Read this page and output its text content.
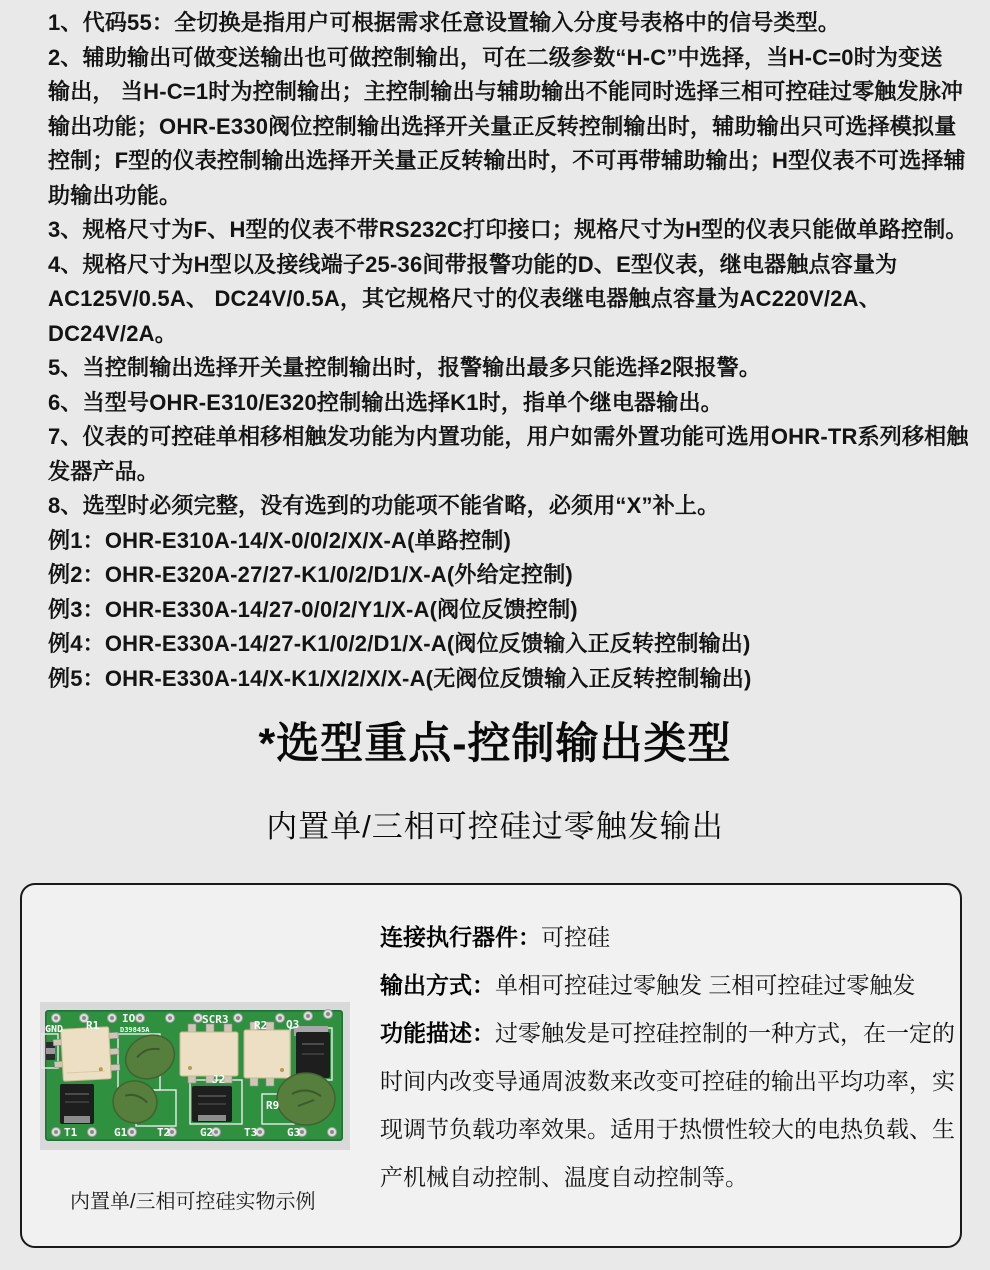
1、代码55：全切换是指用户可根据需求任意设置输入分度号表格中的信号类型。
2、辅助输出可做变送输出也可做控制输出，可在二级参数“H-C”中选择，当H-C=0时为变送
输出， 当H-C=1时为控制输出；主控制输出与辅助输出不能同时选择三相可控硅过零触发脉冲
输出功能；OHR-E330阀位控制输出选择开关量正反转控制输出时，辅助输出只可选择模拟量
控制；F型的仪表控制输出选择开关量正反转输出时，不可再带辅助输出；H型仪表不可选择辅
助输出功能。
3、规格尺寸为F、H型的仪表不带RS232C打印接口；规格尺寸为H型的仪表只能做单路控制。
4、规格尺寸为H型以及接线端子25-36间带报警功能的D、E型仪表，继电器触点容量为
AC125V/0.5A、 DC24V/0.5A，其它规格尺寸的仪表继电器触点容量为AC220V/2A、
DC24V/2A。
5、当控制输出选择开关量控制输出时，报警输出最多只能选择2限报警。
6、当型号OHR-E310/E320控制输出选择K1时，指单个继电器输出。
7、仪表的可控硅单相移相触发功能为内置功能，用户如需外置功能可选用OHR-TR系列移相触
发器产品。
8、选型时必须完整，没有选到的功能项不能省略，必须用“X”补上。
例1：OHR-E310A-14/X-0/0/2/X/X-A(单路控制)
例2：OHR-E320A-27/27-K1/0/2/D1/X-A(外给定控制)
例3：OHR-E330A-14/27-0/0/2/Y1/X-A(阀位反馈控制)
例4：OHR-E330A-14/27-K1/0/2/D1/X-A(阀位反馈输入正反转控制输出)
例5：OHR-E330A-14/X-K1/X/2/X/X-A(无阀位反馈输入正反转控制输出)
*选型重点-控制输出类型
内置单/三相可控硅过零触发输出
GND R1
IO
D39845A
SCR3 R2 Q3
J2
R9
T1	G1	T2	G2	T3	G3
内置单/三相可控硅实物示例
连接执行器件：可控硅
输出方式：单相可控硅过零触发 三相可控硅过零触发
功能描述：过零触发是可控硅控制的一种方式，在一定的
时间内改变导通周波数来改变可控硅的输出平均功率，实
现调节负载功率效果。适用于热惯性较大的电热负载、生
产机械自动控制、温度自动控制等。
